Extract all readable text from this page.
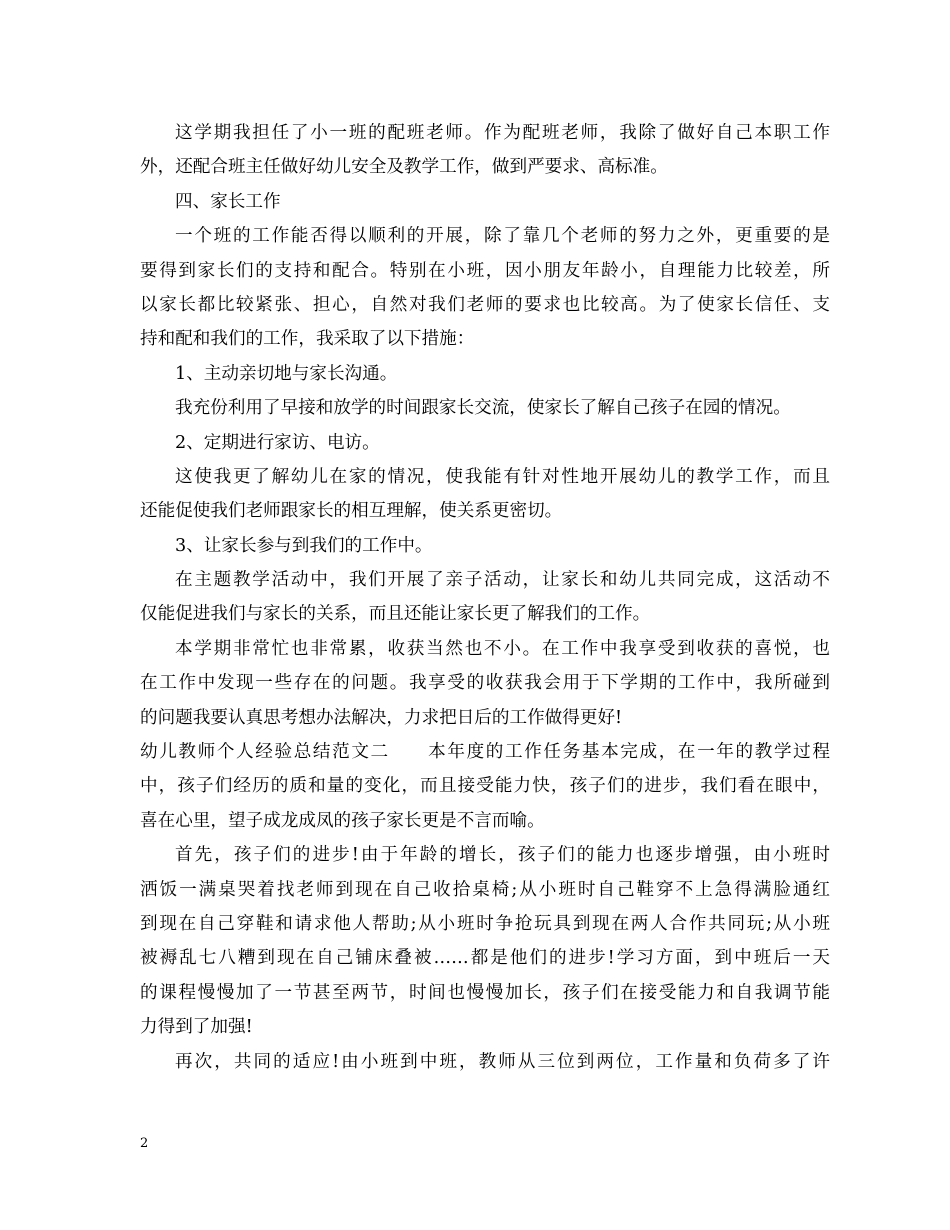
这学期我担任了小一班的配班老师。作为配班老师，我除了做好自己本职工作
外，还配合班主任做好幼儿安全及教学工作，做到严要求、高标准。
四、家长工作
一个班的工作能否得以顺利的开展，除了靠几个老师的努力之外，更重要的是
要得到家长们的支持和配合。特别在小班，因小朋友年龄小，自理能力比较差，所
以家长都比较紧张、担心，自然对我们老师的要求也比较高。为了使家长信任、支
持和配和我们的工作，我采取了以下措施：
1、主动亲切地与家长沟通。
我充份利用了早接和放学的时间跟家长交流，使家长了解自己孩子在园的情况。
2、定期进行家访、电访。
这使我更了解幼儿在家的情况，使我能有针对性地开展幼儿的教学工作，而且
还能促使我们老师跟家长的相互理解，使关系更密切。
3、让家长参与到我们的工作中。
在主题教学活动中，我们开展了亲子活动，让家长和幼儿共同完成，这活动不
仅能促进我们与家长的关系，而且还能让家长更了解我们的工作。
本学期非常忙也非常累，收获当然也不小。在工作中我享受到收获的喜悦，也
在工作中发现一些存在的问题。我享受的收获我会用于下学期的工作中，我所碰到
的问题我要认真思考想办法解决，力求把日后的工作做得更好!
幼儿教师个人经验总结范文二　　本年度的工作任务基本完成，在一年的教学过程
中，孩子们经历的质和量的变化，而且接受能力快，孩子们的进步，我们看在眼中，
喜在心里，望子成龙成凤的孩子家长更是不言而喻。
首先，孩子们的进步!由于年龄的增长，孩子们的能力也逐步增强，由小班时
洒饭一满桌哭着找老师到现在自己收拾桌椅;从小班时自己鞋穿不上急得满脸通红
到现在自己穿鞋和请求他人帮助;从小班时争抢玩具到现在两人合作共同玩;从小班
被褥乱七八糟到现在自己铺床叠被……都是他们的进步!学习方面，到中班后一天
的课程慢慢加了一节甚至两节，时间也慢慢加长，孩子们在接受能力和自我调节能
力得到了加强!
再次，共同的适应!由小班到中班，教师从三位到两位，工作量和负荷多了许
2
